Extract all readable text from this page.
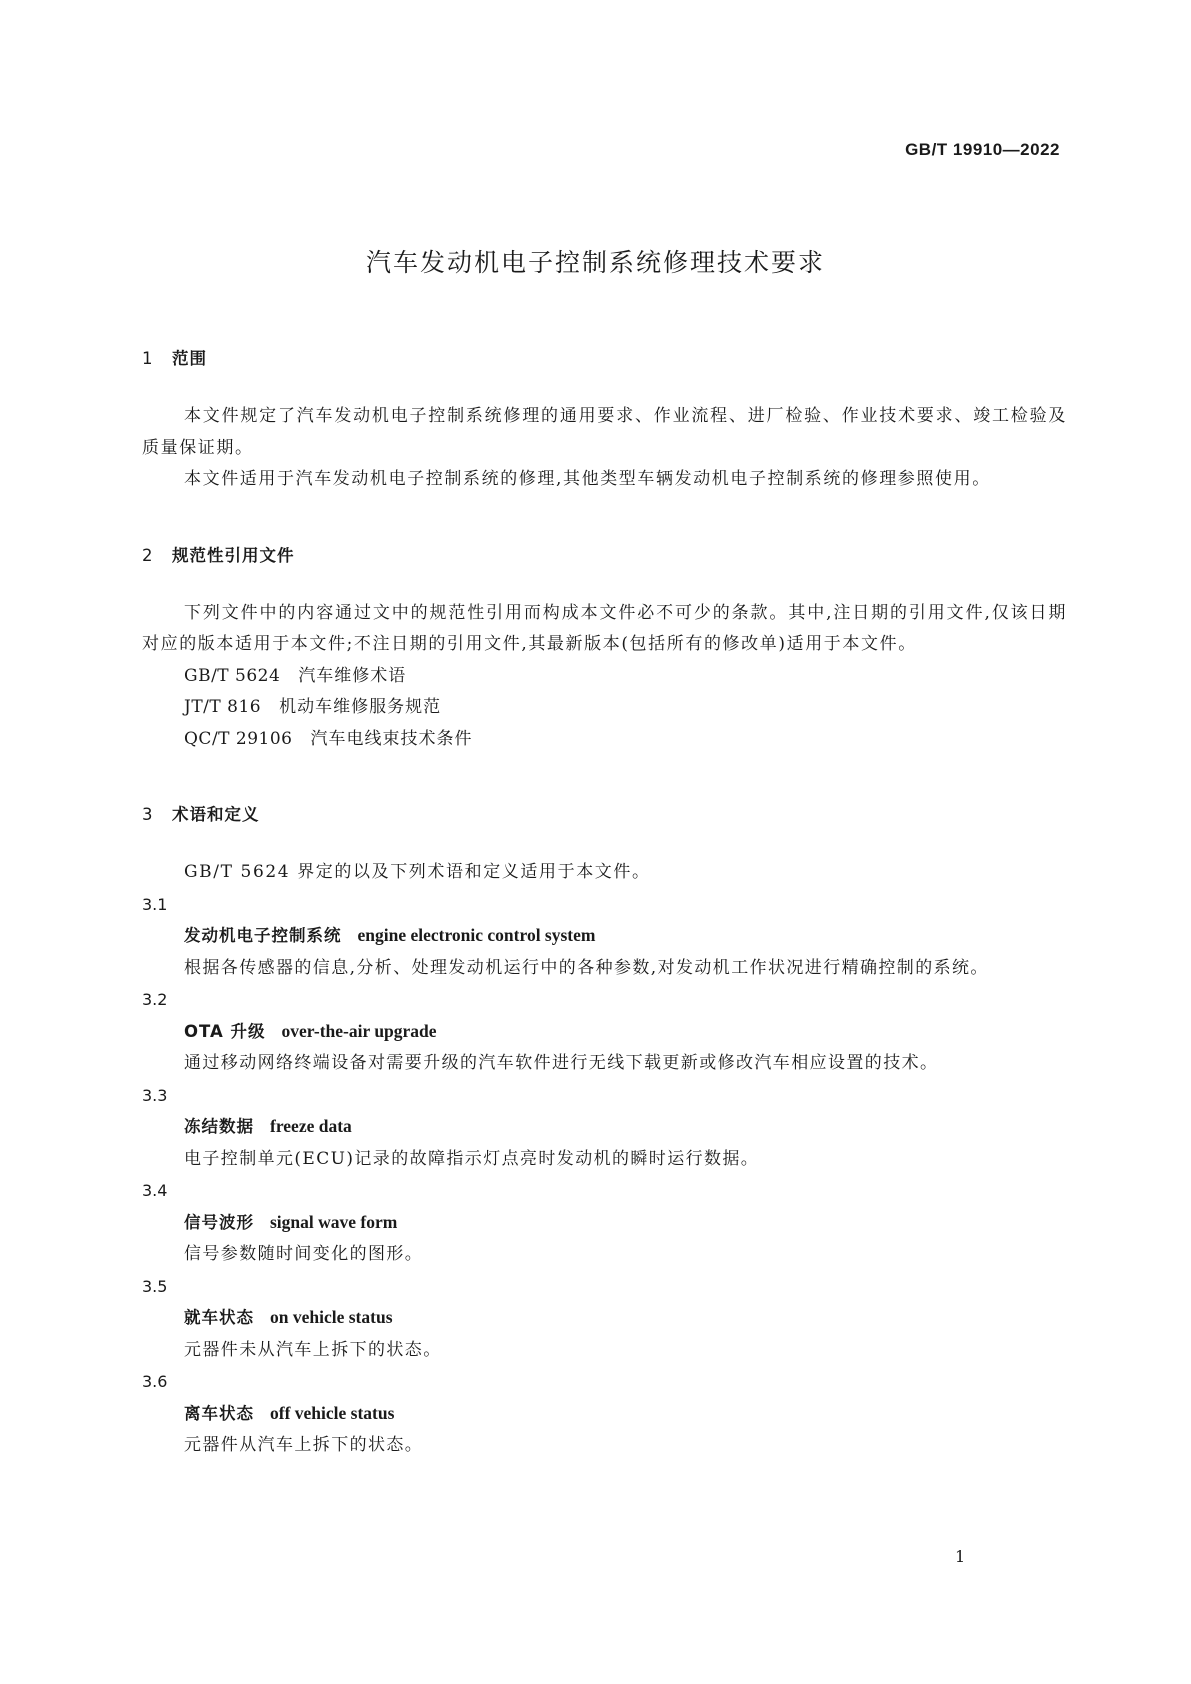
GB/T 19910—2022
汽车发动机电子控制系统修理技术要求
1 范围
本文件规定了汽车发动机电子控制系统修理的通用要求、作业流程、进厂检验、作业技术要求、竣工检验及质量保证期。
本文件适用于汽车发动机电子控制系统的修理,其他类型车辆发动机电子控制系统的修理参照使用。
2 规范性引用文件
下列文件中的内容通过文中的规范性引用而构成本文件必不可少的条款。其中,注日期的引用文件,仅该日期对应的版本适用于本文件;不注日期的引用文件,其最新版本(包括所有的修改单)适用于本文件。
GB/T 5624 汽车维修术语
JT/T 816 机动车维修服务规范
QC/T 29106 汽车电线束技术条件
3 术语和定义
GB/T 5624 界定的以及下列术语和定义适用于本文件。
3.1
发动机电子控制系统 engine electronic control system
根据各传感器的信息,分析、处理发动机运行中的各种参数,对发动机工作状况进行精确控制的系统。
3.2
OTA 升级 over-the-air upgrade
通过移动网络终端设备对需要升级的汽车软件进行无线下载更新或修改汽车相应设置的技术。
3.3
冻结数据 freeze data
电子控制单元(ECU)记录的故障指示灯点亮时发动机的瞬时运行数据。
3.4
信号波形 signal wave form
信号参数随时间变化的图形。
3.5
就车状态 on vehicle status
元器件未从汽车上拆下的状态。
3.6
离车状态 off vehicle status
元器件从汽车上拆下的状态。
1
